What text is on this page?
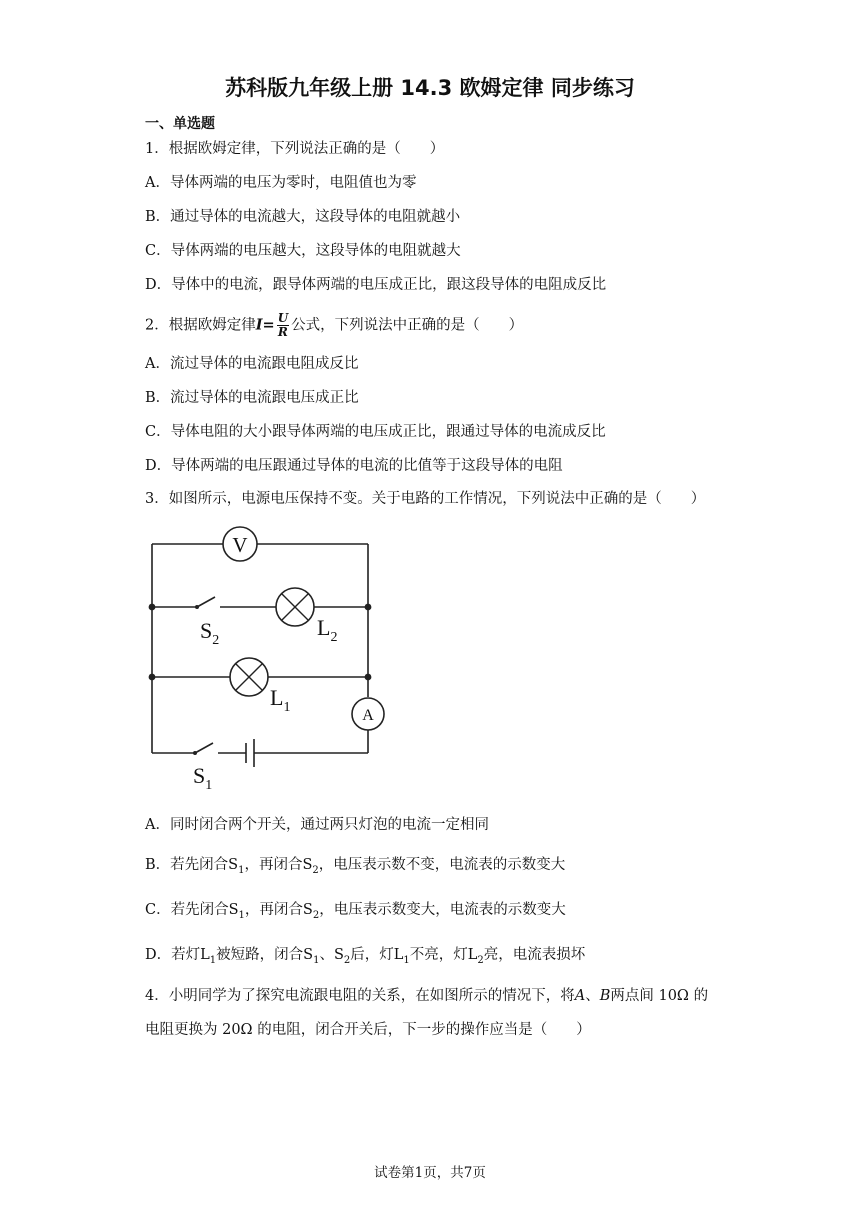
苏科版九年级上册 14.3 欧姆定律 同步练习
一、单选题
1．根据欧姆定律，下列说法正确的是（　　）
A．导体两端的电压为零时，电阻值也为零
B．通过导体的电流越大，这段导体的电阻就越小
C．导体两端的电压越大，这段导体的电阻就越大
D．导体中的电流，跟导体两端的电压成正比，跟这段导体的电阻成反比
2．根据欧姆定律$I= \frac{U}{R}$ 公式，下列说法中正确的是（　　）
A．流过导体的电流跟电阻成反比
B．流过导体的电流跟电压成正比
C．导体电阻的大小跟导体两端的电压成正比，跟通过导体的电流成反比
D．导体两端的电压跟通过导体的电流的比值等于这段导体的电阻
3．如图所示，电源电压保持不变。关于电路的工作情况，下列说法中正确的是（　　）
V
A
$S_2$
$L_2$
$L_1$
$S_1$
A．同时闭合两个开关，通过两只灯泡的电流一定相同
B．若先闭合$S_1$，再闭合$S_2$，电压表示数不变，电流表的示数变大
C．若先闭合$S_1$，再闭合$S_2$，电压表示数变大，电流表的示数变大
D．若灯$L_1$被短路，闭合$S_1$、$S_2$后，灯$L_1$不亮，灯$L_2$亮，电流表损坏
4．小明同学为了探究电流跟电阻的关系，在如图所示的情况下，将A、B两点间 10Ω 的
电阻更换为 20Ω 的电阻，闭合开关后，下一步的操作应当是（　　）
试卷第1页，共7页
